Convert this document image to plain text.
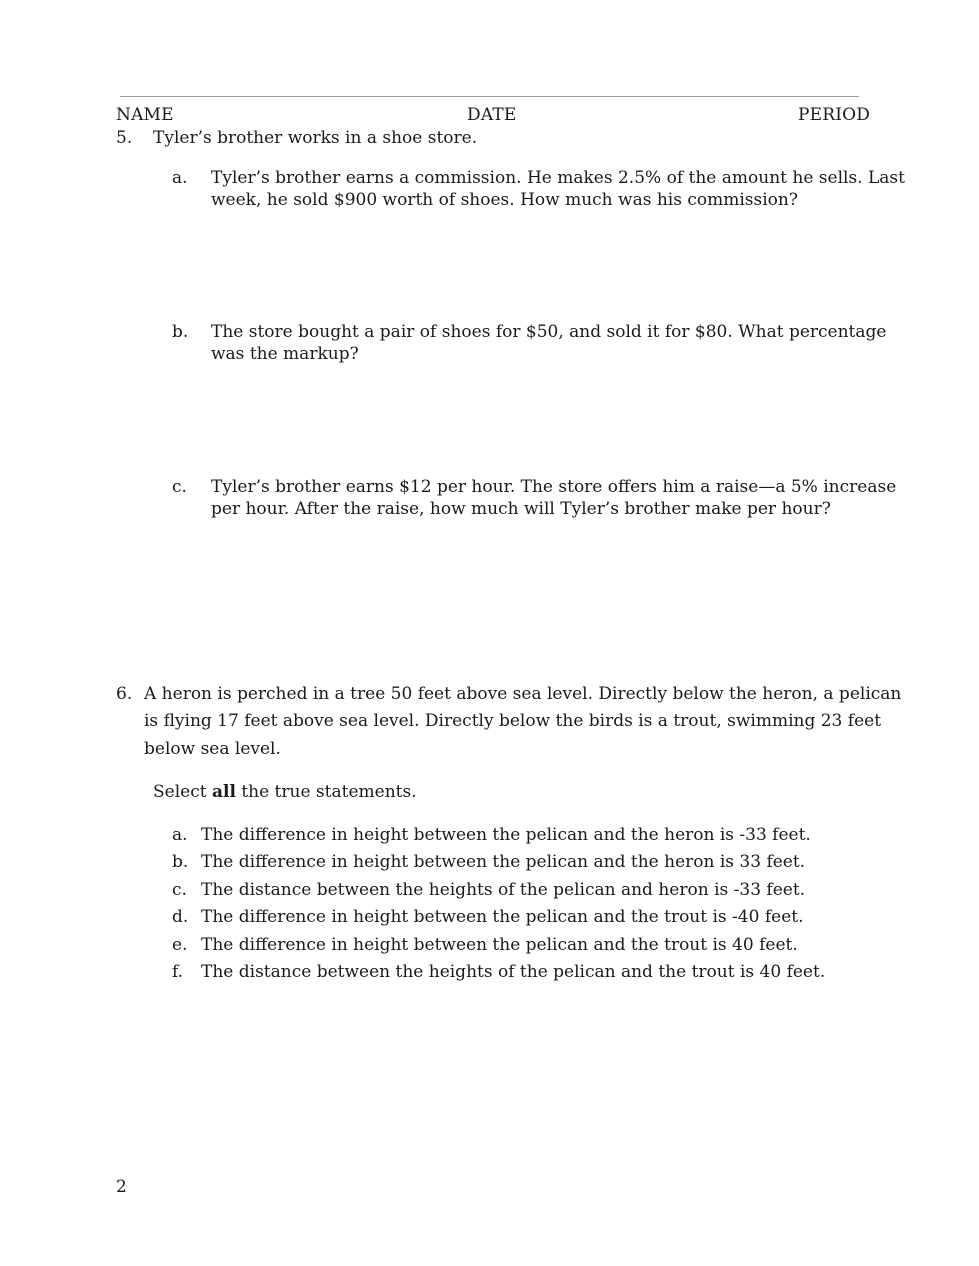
NAME	DATE	PERIOD
5. Tyler’s brother works in a shoe store.
a. Tyler’s brother earns a commission. He makes 2.5% of the amount he sells. Last
week, he sold $900 worth of shoes. How much was his commission?
b. The store bought a pair of shoes for $50, and sold it for $80. What percentage
was the markup?
c. Tyler’s brother earns $12 per hour. The store offers him a raise—a 5% increase
per hour. After the raise, how much will Tyler’s brother make per hour?
6. A heron is perched in a tree 50 feet above sea level. Directly below the heron, a pelican
is flying 17 feet above sea level. Directly below the birds is a trout, swimming 23 feet
below sea level.
Select all the true statements.
a. The difference in height between the pelican and the heron is -33 feet.
b. The difference in height between the pelican and the heron is 33 feet.
c. The distance between the heights of the pelican and heron is -33 feet.
d. The difference in height between the pelican and the trout is -40 feet.
e. The difference in height between the pelican and the trout is 40 feet.
f. The distance between the heights of the pelican and the trout is 40 feet.
2
